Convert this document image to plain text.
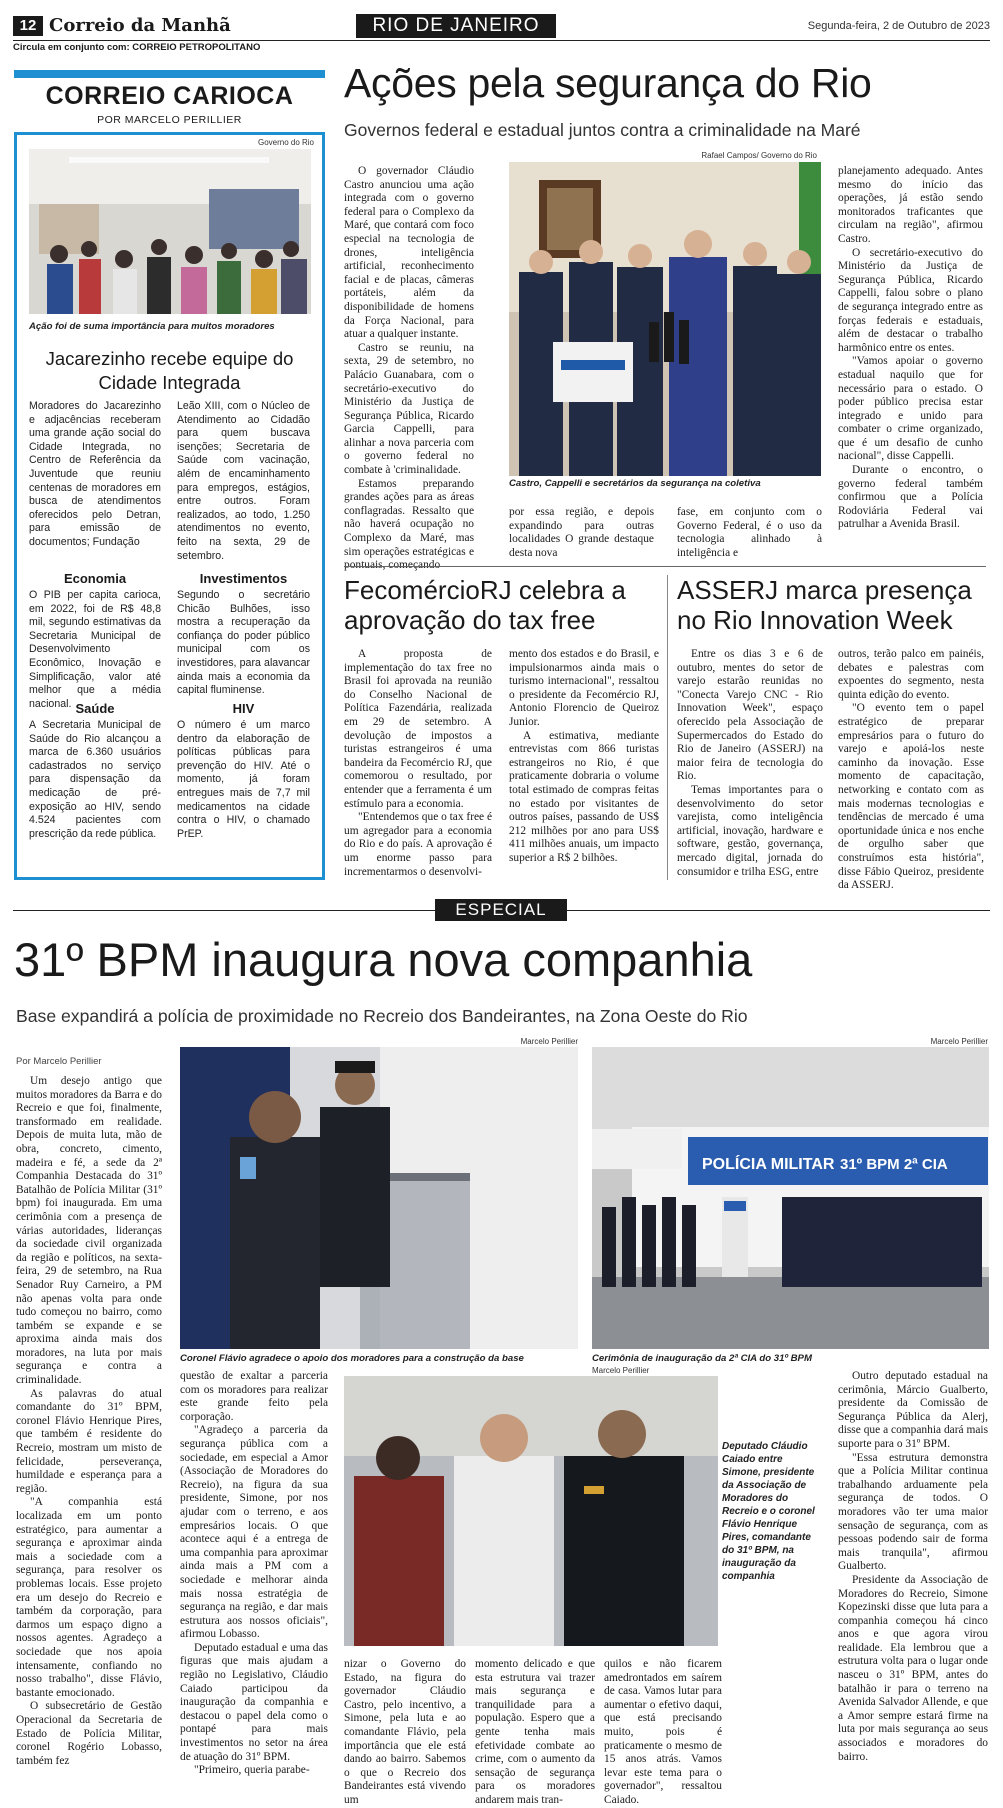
12 Correio da Manhã
Circula em conjunto com: CORREIO PETROPOLITANO
RIO DE JANEIRO	Segunda-feira, 2 de Outubro de 2023
CORREIO CARIOCA
POR MARCELO PERILLIER
Governo do Rio
Ação foi de suma importância para muitos moradores
Jacarezinho recebe equipe do Cidade Integrada
Moradores do Jacarezinho e adjacências receberam uma grande ação social do Cidade Integrada, no Centro de Referência da Juventude que reuniu centenas de moradores em busca de atendimentos oferecidos pelo Detran, para emissão de documentos; Fundação
Leão XIII, com o Núcleo de Atendimento ao Cidadão para quem buscava isenções; Secretaria de Saúde com vacinação, além de encaminhamento para empregos, estágios, entre outros. Foram realizados, ao todo, 1.250 atendimentos no evento, feito na sexta, 29 de setembro.
Economia
O PIB per capita carioca, em 2022, foi de R$ 48,8 mil, segundo estimativas da Secretaria Municipal de Desenvolvimento Econômico, Inovação e Simplificação, valor até melhor que a média nacional.
Investimentos
Segundo o secretário Chicão Bulhões, isso mostra a recuperação da confiança do poder público municipal com os investidores, para alavancar ainda mais a economia da capital fluminense.
Saúde
A Secretaria Municipal de Saúde do Rio alcançou a marca de 6.360 usuários cadastrados no serviço para dispensação da medicação de pré-exposição ao HIV, sendo 4.524 pacientes com prescrição da rede pública.
HIV
O número é um marco dentro da elaboração de políticas públicas para prevenção do HIV. Até o momento, já foram entregues mais de 7,7 mil medicamentos na cidade contra o HIV, o chamado PrEP.
Ações pela segurança do Rio
Governos federal e estadual juntos contra a criminalidade na Maré

O governador Cláudio Castro anunciou uma ação integrada com o governo federal para o Complexo da Maré, que contará com foco especial na tecnologia de drones, inteligência artificial, reconhecimento facial e de placas, câmeras portáteis, além da disponibilidade de homens da Força Nacional, para atuar a qualquer instante.

Castro se reuniu, na sexta, 29 de setembro, no Palácio Guanabara, com o secretário-executivo do Ministério da Justiça de Segurança Pública, Ricardo Garcia Cappelli, para alinhar a nova parceria com o governo federal no combate à 'criminalidade.

Estamos preparando grandes ações para as áreas conflagradas. Ressalto que não haverá ocupação no Complexo da Maré, mas sim operações estratégicas e

Rafael Campos/ Governo do Rio
Castro, Cappelli e secretários da segurança na coletiva
por essa região, e depois expandindo para outras localidades O grande destaque desta nova
fase, em conjunto com o Governo Federal, é o uso da tecnologia alinhado à inteligência e

planejamento adequado. Antes mesmo do início das operações, já estão sendo monitorados traficantes que circulam na região", afirmou Castro.

O secretário-executivo do Ministério da Justiça de Segurança Pública, Ricardo Cappelli, falou sobre o plano de segurança integrado entre as forças federais e estaduais, além de destacar o trabalho harmônico entre os entes.

"Vamos apoiar o governo estadual naquilo que for necessário para o estado. O poder público precisa estar integrado e unido para combater o crime organizado, que é um desafio de cunho nacional", disse Cappelli.

Durante o encontro, o governo federal também confirmou que a Polícia Rodoviária Federal vai patrulhar a Avenida Brasil.

FecomércioRJ celebra a aprovação do tax free

A proposta de implementação do tax free no Brasil foi aprovada na reunião do Conselho Nacional de Política Fazendária, realizada em 29 de setembro. A devolução de impostos a turistas estrangeiros é uma bandeira da Fecomércio RJ, que comemorou o resultado, por entender que a ferramenta é um estímulo para a economia.

"Entendemos que o tax free é um agregador para a economia do Rio e do país. A aprovação é um enorme passo para incrementarmos o desenvolvi-

mento dos estados e do Brasil, e impulsionarmos ainda mais o turismo internacional", ressaltou o presidente da Fecomércio RJ, Antonio Florencio de Queiroz Junior.

A estimativa, mediante entrevistas com 866 turistas estrangeiros no Rio, é que praticamente dobraria o volume total estimado de compras feitas no estado por visitantes de outros países, passando de US$ 212 milhões por ano para US$ 411 milhões anuais, um impacto superior a R$ 2 bilhões.

ASSERJ marca presença no Rio Innovation Week

Entre os dias 3 e 6 de outubro, mentes do setor de varejo estarão reunidas no "Conecta Varejo CNC - Rio Innovation Week", espaço oferecido pela Associação de Supermercados do Estado do Rio de Janeiro (ASSERJ) na maior feira de tecnologia do Rio.

Temas importantes para o desenvolvimento do setor varejista, como inteligência artificial, inovação, hardware e software, gestão, governança, mercado digital, jornada do consumidor e trilha ESG, entre

outros, terão palco em painéis, debates e palestras com expoentes do segmento, nesta quinta edição do evento.

"O evento tem o papel estratégico de preparar empresários para o futuro do varejo e apoiá-los neste caminho da inovação. Esse momento de capacitação, networking e contato com as mais modernas tecnologias e tendências de mercado é uma oportunidade única e nos enche de orgulho saber que construímos esta história", disse Fábio Queiroz, presidente da ASSERJ.

ESPECIAL
31º BPM inaugura nova companhia
Base expandirá a polícia de proximidade no Recreio dos Bandeirantes, na Zona Oeste do Rio
Por Marcelo Perillier

Um desejo antigo que muitos moradores da Barra e do Recreio e que foi, finalmente, transformado em realidade. Depois de muita luta, mão de obra, concreto, cimento, madeira e fé, a sede da 2ª Companhia Destacada do 31º Batalhão de Polícia Militar (31º bpm) foi inaugurada. Em uma cerimônia com a presença de várias autoridades, lideranças da sociedade civil organizada da região e políticos, na sexta-feira, 29 de setembro, na Rua Senador Ruy Carneiro, a PM não apenas volta para onde tudo começou no bairro, como também se expande e se aproxima ainda mais dos moradores, na luta por mais segurança e contra a criminalidade.

As palavras do atual comandante do 31º BPM, coronel Flávio Henrique Pires, que também é residente do Recreio, mostram um misto de felicidade, perseverança, humildade e esperança para a região.

"A companhia está localizada em um ponto estratégico, para aumentar a segurança e aproximar ainda mais a sociedade com a segurança, para resolver os problemas locais. Esse projeto era um desejo do Recreio e também da corporação, para darmos um espaço digno a nossos agentes. Agradeço a sociedade que nos apoia intensamente, confiando no nosso trabalho", disse Flávio, bastante emocionado.

O subsecretário de Gestão Operacional da Secretaria de Estado de Polícia Militar, coronel Rogério Lobasso, também fez

Marcelo Perillier
Coronel Flávio agradece o apoio dos moradores para a construção da base
Marcelo Perillier
POLÍCIA MILITAR 31º BPM 2ª CIA
Cerimônia de inauguração da 2ª CIA do 31º BPM
Marcelo Perillier
Deputado Cláudio Caiado entre Simone, presidente da Associação de Moradores do Recreio e o coronel Flávio Henrique Pires, comandante do 31º BPM, na inauguração da companhia

questão de exaltar a parceria com os moradores para realizar este grande feito pela corporação.

"Agradeço a parceria da segurança pública com a sociedade, em especial a Amor (Associação de Moradores do Recreio), na figura da sua presidente, Simone, por nos ajudar com o terreno, e aos empresários locais. O que acontece aqui é a entrega de uma companhia para aproximar ainda mais a PM com a sociedade e melhorar ainda mais nossa estratégia de segurança na região, e dar mais estrutura aos nossos oficiais", afirmou Lobasso.

Deputado estadual e uma das figuras que mais ajudam a região no Legislativo, Cláudio Caiado participou da inauguração da companhia e destacou o papel dela como o pontapé para mais investimentos no setor na área de atuação do 31º BPM.

"Primeiro, queria parabe-

nizar o Governo do Estado, na figura do governador Cláudio Castro, pelo incentivo, a Simone, pela luta e ao comandante Flávio, pela importância que ele está dando ao bairro. Sabemos o que o Recreio dos Bandeirantes está vivendo um
momento delicado e que esta estrutura vai trazer mais segurança e tranquilidade para a população. Espero que a gente tenha mais efetividade combate ao crime, com o aumento da sensação de segurança para os moradores andarem mais tran-
quilos e não ficarem amedrontados em saírem de casa. Vamos lutar para aumentar o efetivo daqui, que está precisando muito, pois é praticamente o mesmo de 15 anos atrás. Vamos levar este tema para o governador", ressaltou Caiado.

Outro deputado estadual na cerimônia, Márcio Gualberto, presidente da Comissão de Segurança Pública da Alerj, disse que a companhia dará mais suporte para o 31º BPM.

"Essa estrutura demonstra que a Polícia Militar continua trabalhando arduamente pela segurança de todos. O moradores vão ter uma maior sensação de segurança, com as pessoas podendo sair de forma mais tranquila", afirmou Gualberto.

Presidente da Associação de Moradores do Recreio, Simone Kopezinski disse que luta para a companhia começou há cinco anos e que agora virou realidade. Ela lembrou que a estrutura volta para o lugar onde nasceu o 31º BPM, antes do batalhão ir para o terreno na Avenida Salvador Allende, e que a Amor sempre estará firme na luta por mais segurança ao seus associados e moradores do bairro.
